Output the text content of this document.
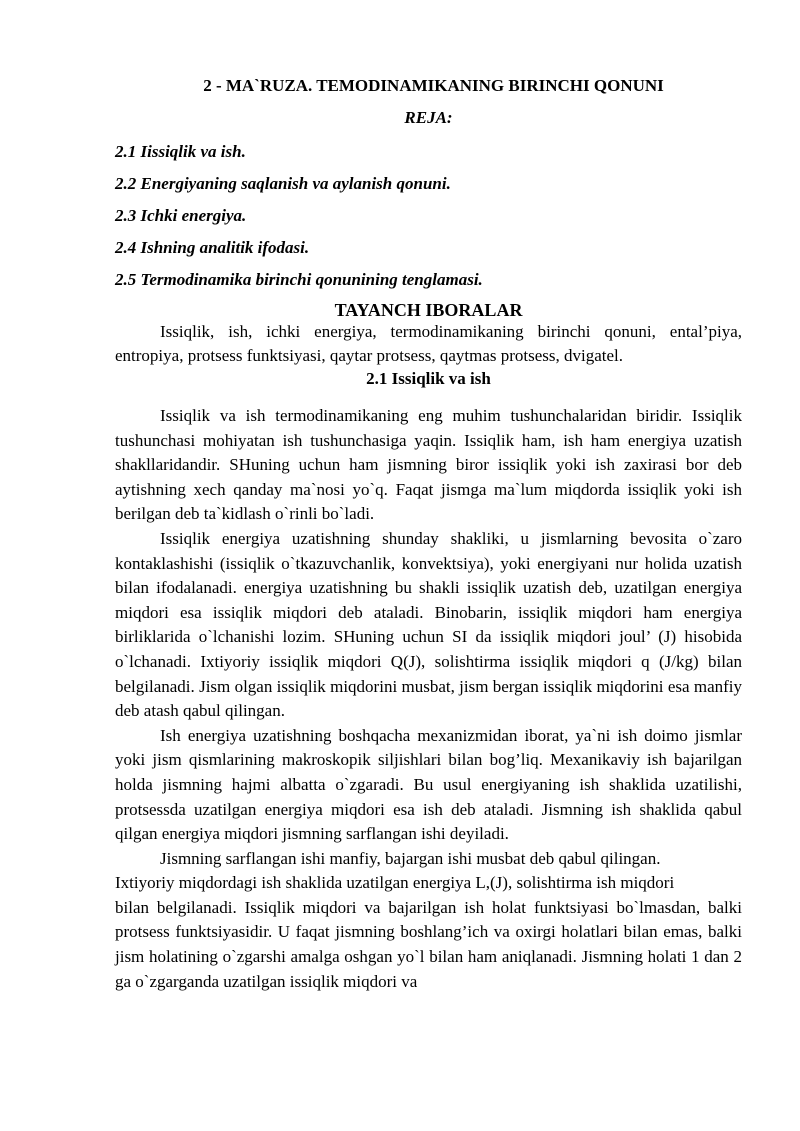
2 - MA`RUZA. TEMODINAMIKANING BIRINCHI QONUNI
REJA:
2.1 Iissiqlik va ish.
2.2 Energiyaning saqlanish va aylanish qonuni.
2.3 Ichki energiya.
2.4 Ishning analitik ifodasi.
2.5 Termodinamika birinchi qonunining tenglamasi.
TAYANCH IBORALAR

Issiqlik, ish, ichki energiya, termodinamikaning birinchi qonuni, ental’piya, entropiya, protsess funktsiyasi, qaytar protsess, qaytmas protsess, dvigatel.

2.1 Issiqlik va ish

Issiqlik va ish termodinamikaning eng muhim tushunchalaridan biridir. Issiqlik tushunchasi mohiyatan ish tushunchasiga yaqin. Issiqlik ham, ish ham energiya uzatish shakllaridandir. SHuning uchun ham jismning biror issiqlik yoki ish zaxirasi bor deb aytishning xech qanday ma`nosi yo`q. Faqat jismga ma`lum miqdorda issiqlik yoki ish berilgan deb ta`kidlash o`rinli bo`ladi.

Issiqlik energiya uzatishning shunday shakliki, u jismlarning bevosita o`zaro kontaklashishi (issiqlik o`tkazuvchanlik, konvektsiya), yoki energiyani nur holida uzatish bilan ifodalanadi. energiya uzatishning bu shakli issiqlik uzatish deb, uzatilgan energiya miqdori esa issiqlik miqdori deb ataladi. Binobarin, issiqlik miqdori ham energiya birliklarida o`lchanishi lozim. SHuning uchun SI da issiqlik miqdori joul’ (J) hisobida o`lchanadi. Ixtiyoriy issiqlik miqdori Q(J), solishtirma issiqlik miqdori q (J/kg) bilan belgilanadi. Jism olgan issiqlik miqdorini musbat, jism bergan issiqlik miqdorini esa manfiy deb atash qabul qilingan.

Ish energiya uzatishning boshqacha mexanizmidan iborat, ya`ni ish doimo jismlar yoki jism qismlarining makroskopik siljishlari bilan bog’liq. Mexanikaviy ish bajarilgan holda jismning hajmi albatta o`zgaradi. Bu usul energiyaning ish shaklida uzatilishi, protsessda uzatilgan energiya miqdori esa ish deb ataladi. Jismning ish shaklida qabul qilgan energiya miqdori jismning sarflangan ishi deyiladi.

Jismning sarflangan ishi manfiy, bajargan ishi musbat deb qabul qilingan.

Ixtiyoriy miqdordagi ish shaklida uzatilgan energiya L,(J), solishtirma ish miqdori

bilan belgilanadi. Issiqlik miqdori va bajarilgan ish holat funktsiyasi bo`lmasdan, balki protsess funktsiyasidir. U faqat jismning boshlang’ich va oxirgi holatlari bilan emas, balki jism holatining o`zgarshi amalga oshgan yo`l bilan ham aniqlanadi. Jismning holati 1 dan 2 ga o`zgarganda uzatilgan issiqlik miqdori va
